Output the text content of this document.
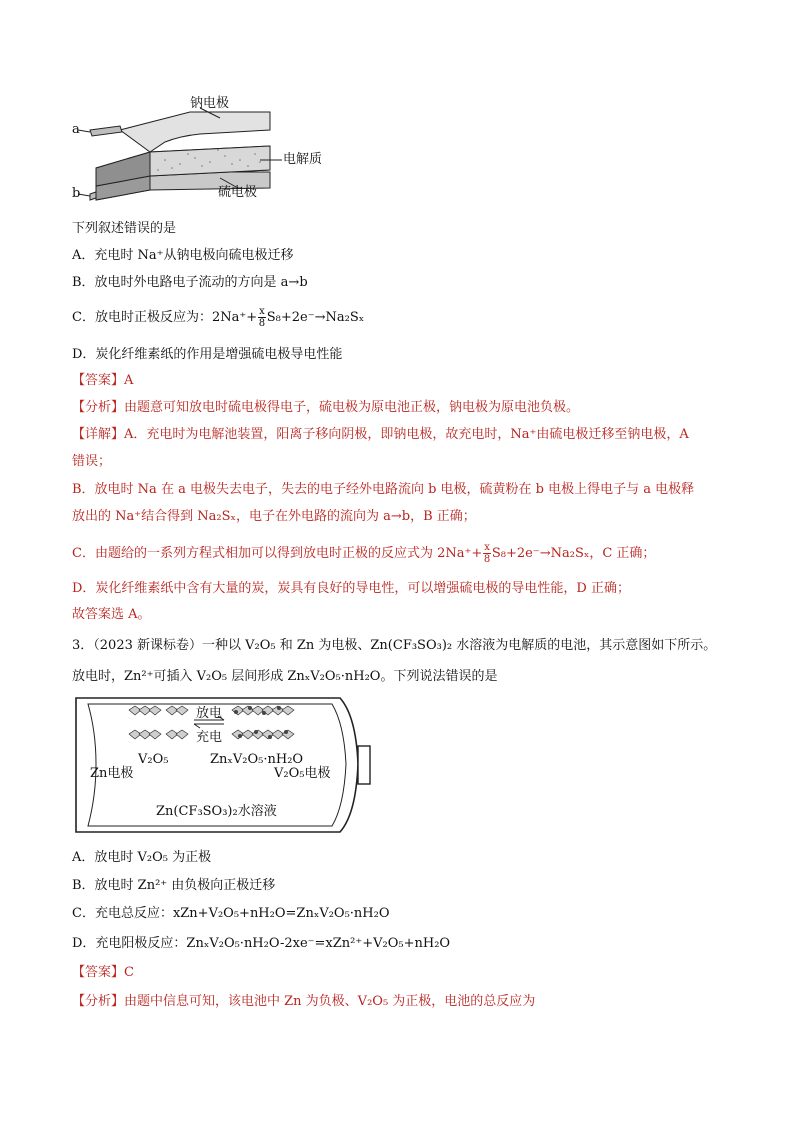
a
b
钠电极
电解质
硫电极
下列叙述错误的是
A．充电时 Na⁺从钠电极向硫电极迁移
B．放电时外电路电子流动的方向是 a→b
C．放电时正极反应为：$2Na^++ \frac{x}{8} S_8+2e^-\to Na_2S_x$
D．炭化纤维素纸的作用是增强硫电极导电性能
【答案】A
【分析】由题意可知放电时硫电极得电子，硫电极为原电池正极，钠电极为原电池负极。
【详解】A．充电时为电解池装置，阳离子移向阴极，即钠电极，故充电时，Na⁺由硫电极迁移至钠电极，A
错误；
B．放电时 Na 在 a 电极失去电子，失去的电子经外电路流向 b 电极，硫黄粉在 b 电极上得电子与 a 电极释
放出的 Na⁺结合得到 Na₂Sₓ，电子在外电路的流向为 a→b，B 正确；
C．由题给的一系列方程式相加可以得到放电时正极的反应式为 $2Na^++ \frac{x}{8} S_8+2e^-\to Na_2S_x$，C 正确；
D．炭化纤维素纸中含有大量的炭，炭具有良好的导电性，可以增强硫电极的导电性能，D 正确；
故答案选 A。
3．（2023 新课标卷）一种以 V₂O₅ 和 Zn 为电极、Zn(CF₃SO₃)₂ 水溶液为电解质的电池，其示意图如下所示。
放电时，Zn²⁺可插入 V₂O₅ 层间形成 ZnₓV₂O₅·nH₂O。下列说法错误的是
放电
充电
V₂O₅	ZnₓV₂O₅·nH₂O
Zn电极	V₂O₅电极
Zn(CF₃SO₃)₂水溶液
A．放电时 V₂O₅ 为正极
B．放电时 Zn²⁺ 由负极向正极迁移
C．充电总反应：xZn+V₂O₅+nH₂O=ZnₓV₂O₅·nH₂O
D．充电阳极反应：ZnₓV₂O₅·nH₂O-2xe⁻=xZn²⁺+V₂O₅+nH₂O
【答案】C
【分析】由题中信息可知，该电池中 Zn 为负极、V₂O₅ 为正极，电池的总反应为
